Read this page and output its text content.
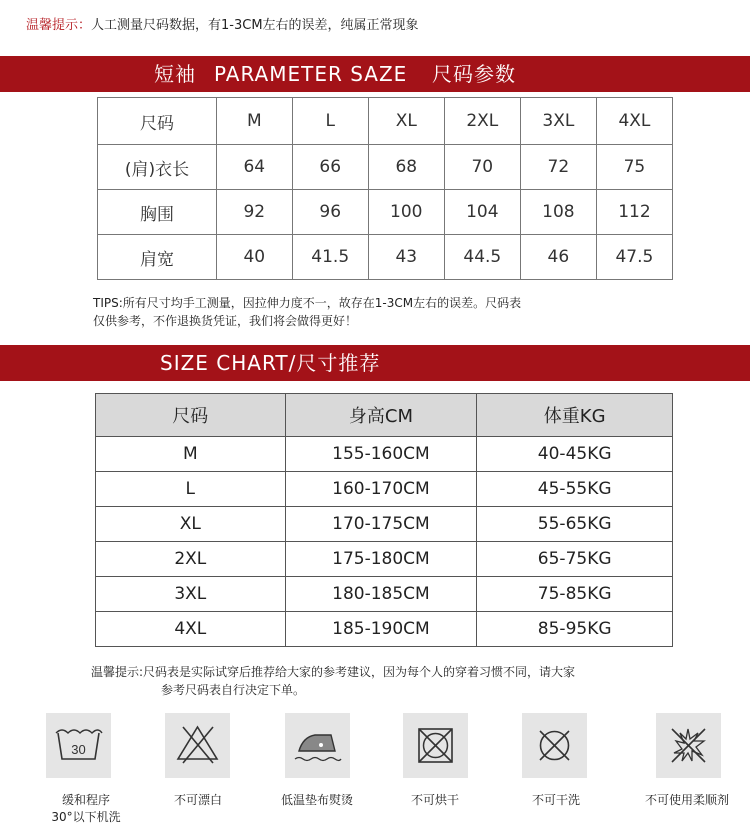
温馨提示：人工测量尺码数据，有1-3CM左右的误差，纯属正常现象
短袖 PARAMETER SAZE 尺码参数
尺码	M	L	XL	2XL	3XL	4XL
(肩)衣长	64	66	68	70	72	75
胸围	92	96	100	104	108	112
肩宽	40	41.5	43	44.5	46	47.5
TIPS:所有尺寸均手工测量，因拉伸力度不一，故存在1-3CM左右的误差。尺码表
仅供参考，不作退换货凭证，我们将会做得更好！
SIZE CHART/尺寸推荐
尺码	身高CM	体重KG
M	155-160CM	40-45KG
L	160-170CM	45-55KG
XL	170-175CM	55-65KG
2XL	175-180CM	65-75KG
3XL	180-185CM	75-85KG
4XL	185-190CM	85-95KG
温馨提示:尺码表是实际试穿后推荐给大家的参考建议，因为每个人的穿着习惯不同，请大家
参考尺码表自行决定下单。
30
缓和程序
30°以下机洗
不可漂白	低温垫布熨烫	不可烘干	不可干洗	不可使用柔顺剂
